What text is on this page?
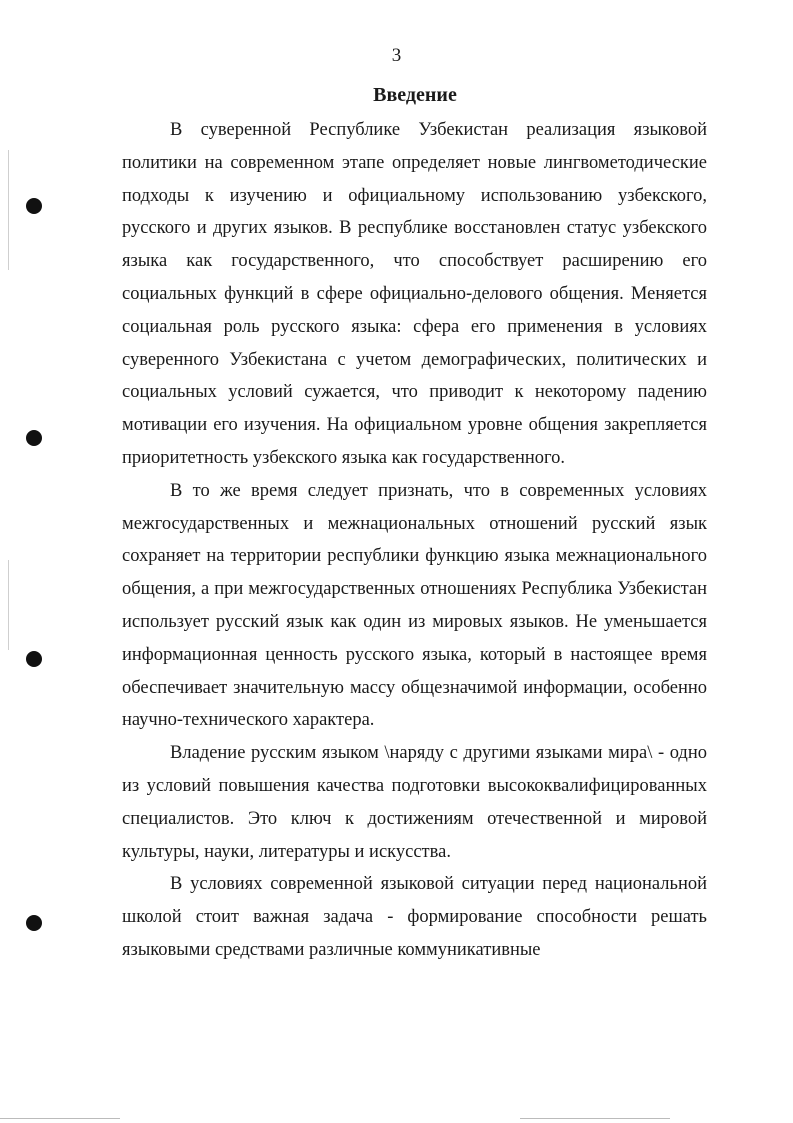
3
Введение

В суверенной Республике Узбекистан реализация языковой политики на современном этапе определяет новые лингвометодические подходы к изучению и официальному использованию узбекского, русского и других языков. В республике восстановлен статус узбекского языка как государственного, что способствует расширению его социальных функций в сфере официально-делового общения. Меняется социальная роль русского языка: сфера его применения в условиях суверенного Узбекистана с учетом демографических, политических и социальных условий сужается, что приводит к некоторому падению мотивации его изучения. На официальном уровне общения закрепляется приоритетность узбекского языка как государственного.

В то же время следует признать, что в современных условиях межгосударственных и межнациональных отношений русский язык сохраняет на территории республики функцию языка межнационального общения, а при межгосударственных отношениях Республика Узбекистан использует русский язык как один из мировых языков. Не уменьшается информационная ценность русского языка, который в настоящее время обеспечивает значительную массу общезначимой информации, особенно научно-технического характера.

Владение русским языком \наряду с другими языками мира\ - одно из условий повышения качества подготовки высококвалифицированных специалистов. Это ключ к достижениям отечественной и мировой культуры, науки, литературы и искусства.

В условиях современной языковой ситуации перед национальной школой стоит важная задача - формирование способности решать языковыми средствами различные коммуникативные
